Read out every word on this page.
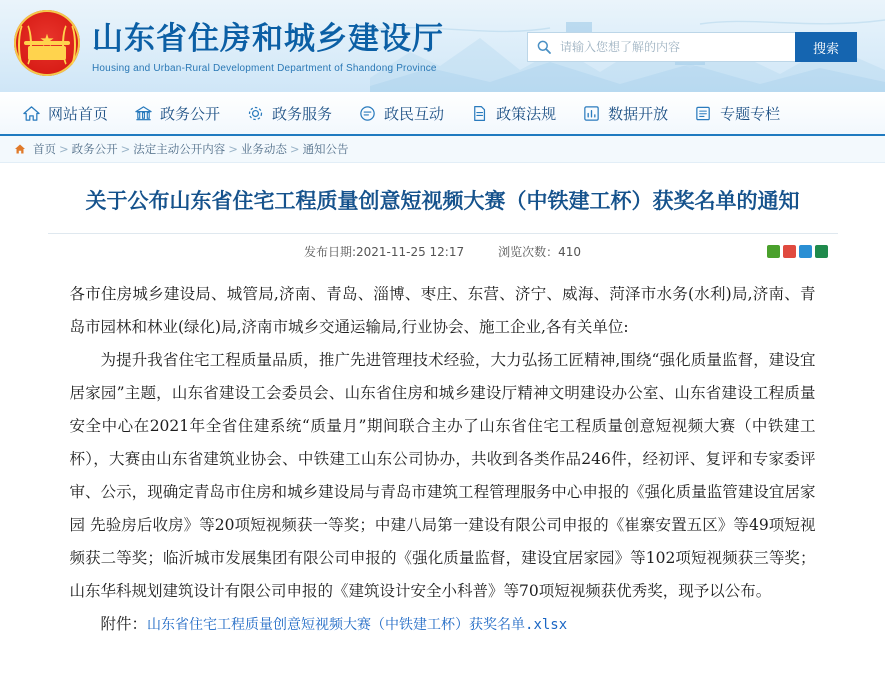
山东省住房和城乡建设厅
Housing and Urban-Rural Development Department of Shandong Province
请输入您想了解的内容
搜索
网站首页	政务公开	政务服务	政民互动	政策法规	数据开放	专题专栏
首页 > 政务公开 > 法定主动公开内容 > 业务动态 > 通知公告
关于公布山东省住宅工程质量创意短视频大赛（中铁建工杯）获奖名单的通知
发布日期:2021-11-25 12:17	浏览次数：410

各市住房城乡建设局、城管局,济南、青岛、淄博、枣庄、东营、济宁、威海、菏泽市水务(水利)局,济南、青岛市园林和林业(绿化)局,济南市城乡交通运输局,行业协会、施工企业,各有关单位:

为提升我省住宅工程质量品质，推广先进管理技术经验，大力弘扬工匠精神,围绕“强化质量监督，建设宜居家园”主题，山东省建设工会委员会、山东省住房和城乡建设厅精神文明建设办公室、山东省建设工程质量安全中心在2021年全省住建系统“质量月”期间联合主办了山东省住宅工程质量创意短视频大赛（中铁建工杯），大赛由山东省建筑业协会、中铁建工山东公司协办，共收到各类作品246件，经初评、复评和专家委评审、公示，现确定青岛市住房和城乡建设局与青岛市建筑工程管理服务中心申报的《强化质量监管建设宜居家园 先验房后收房》等20项短视频获一等奖；中建八局第一建设有限公司申报的《崔寨安置五区》等49项短视频获二等奖；临沂城市发展集团有限公司申报的《强化质量监督，建设宜居家园》等102项短视频获三等奖；山东华科规划建筑设计有限公司申报的《建筑设计安全小科普》等70项短视频获优秀奖，现予以公布。

附件：山东省住宅工程质量创意短视频大赛（中铁建工杯）获奖名单.xlsx
